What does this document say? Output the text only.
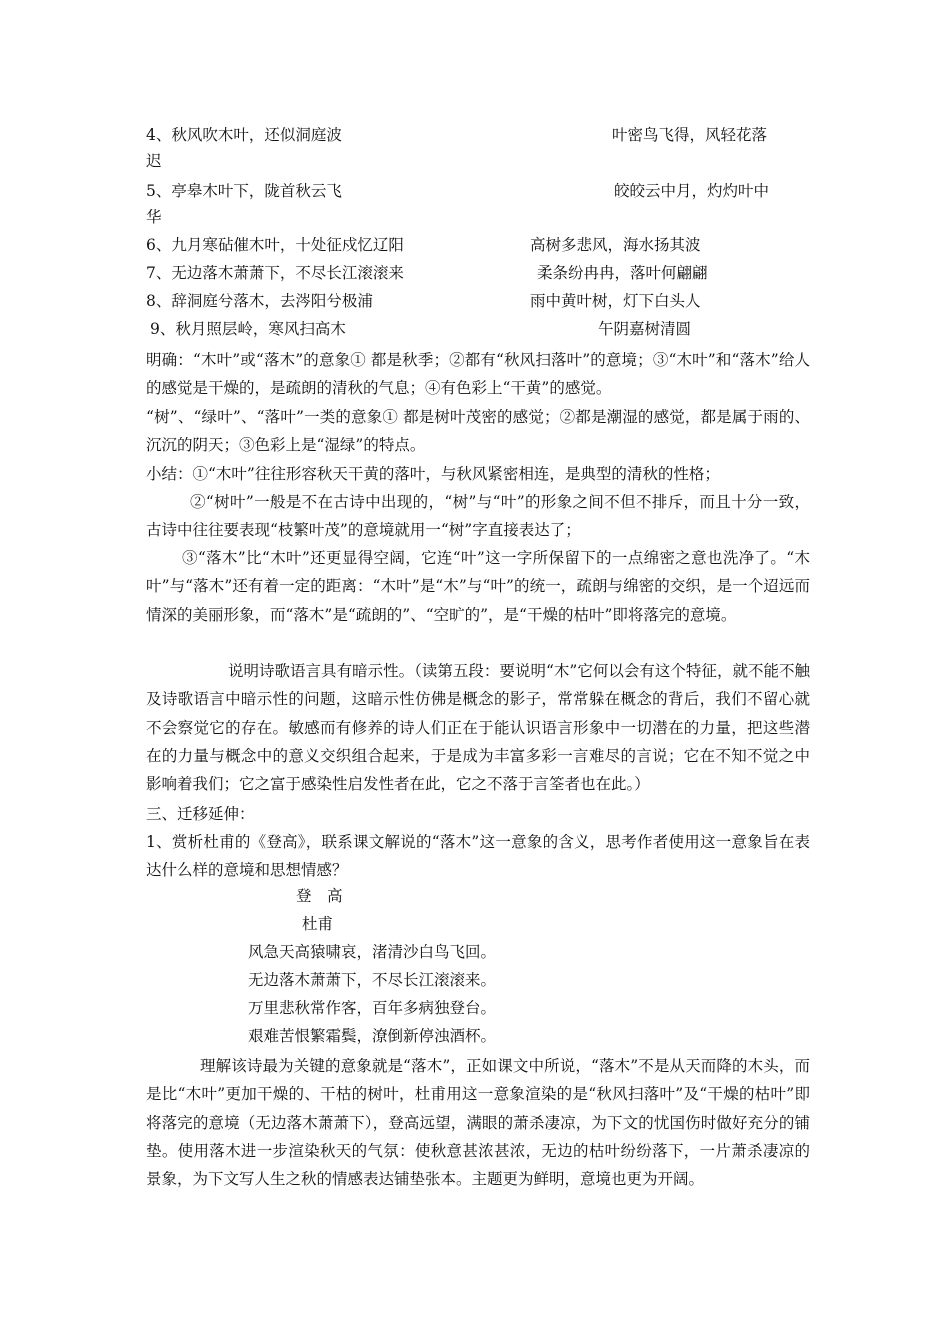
4、秋风吹木叶，还似洞庭波	叶密鸟飞得，风轻花落
迟
5、亭皋木叶下，陇首秋云飞	皎皎云中月，灼灼叶中
华
6、九月寒砧催木叶，十处征戍忆辽阳	高树多悲风，海水扬其波
7、无边落木萧萧下，不尽长江滚滚来	柔条纷冉冉，落叶何翩翩
8、辞洞庭兮落木，去涔阳兮极浦	雨中黄叶树，灯下白头人
9、秋月照层岭，寒风扫高木	午阴嘉树清圆
明确：“木叶”或“落木”的意象① 都是秋季；②都有“秋风扫落叶”的意境；③“木叶”和“落木”给人的感觉是干燥的，是疏朗的清秋的气息；④有色彩上“干黄”的感觉。
“树”、“绿叶”、“落叶”一类的意象① 都是树叶茂密的感觉；②都是潮湿的感觉，都是属于雨的、沉沉的阴天；③色彩上是“湿绿”的特点。
小结：①“木叶”往往形容秋天干黄的落叶，与秋风紧密相连，是典型的清秋的性格；
②“树叶”一般是不在古诗中出现的，“树”与“叶”的形象之间不但不排斥，而且十分一致，古诗中往往要表现“枝繁叶茂”的意境就用一“树”字直接表达了；
③“落木”比“木叶”还更显得空阔，它连“叶”这一字所保留下的一点绵密之意也洗净了。“木叶”与“落木”还有着一定的距离：“木叶”是“木”与“叶”的统一，疏朗与绵密的交织，是一个迢远而情深的美丽形象，而“落木”是“疏朗的”、“空旷的”，是“干燥的枯叶”即将落完的意境。
说明诗歌语言具有暗示性。（读第五段：要说明“木”它何以会有这个特征，就不能不触及诗歌语言中暗示性的问题，这暗示性仿佛是概念的影子，常常躲在概念的背后，我们不留心就不会察觉它的存在。敏感而有修养的诗人们正在于能认识语言形象中一切潜在的力量，把这些潜在的力量与概念中的意义交织组合起来，于是成为丰富多彩一言难尽的言说；它在不知不觉之中影响着我们；它之富于感染性启发性者在此，它之不落于言筌者也在此。）
三、迁移延伸：
1、赏析杜甫的《登高》，联系课文解说的“落木”这一意象的含义，思考作者使用这一意象旨在表达什么样的意境和思想情感？
登　高
杜甫
风急天高猿啸哀，渚清沙白鸟飞回。
无边落木萧萧下，不尽长江滚滚来。
万里悲秋常作客，百年多病独登台。
艰难苦恨繁霜鬓，潦倒新停浊酒杯。
理解该诗最为关键的意象就是“落木”，正如课文中所说，“落木”不是从天而降的木头，而是比“木叶”更加干燥的、干枯的树叶，杜甫用这一意象渲染的是“秋风扫落叶”及“干燥的枯叶”即将落完的意境（无边落木萧萧下），登高远望，满眼的萧杀凄凉，为下文的忧国伤时做好充分的铺垫。使用落木进一步渲染秋天的气氛：使秋意甚浓甚浓，无边的枯叶纷纷落下，一片萧杀凄凉的景象，为下文写人生之秋的情感表达铺垫张本。主题更为鲜明，意境也更为开阔。
